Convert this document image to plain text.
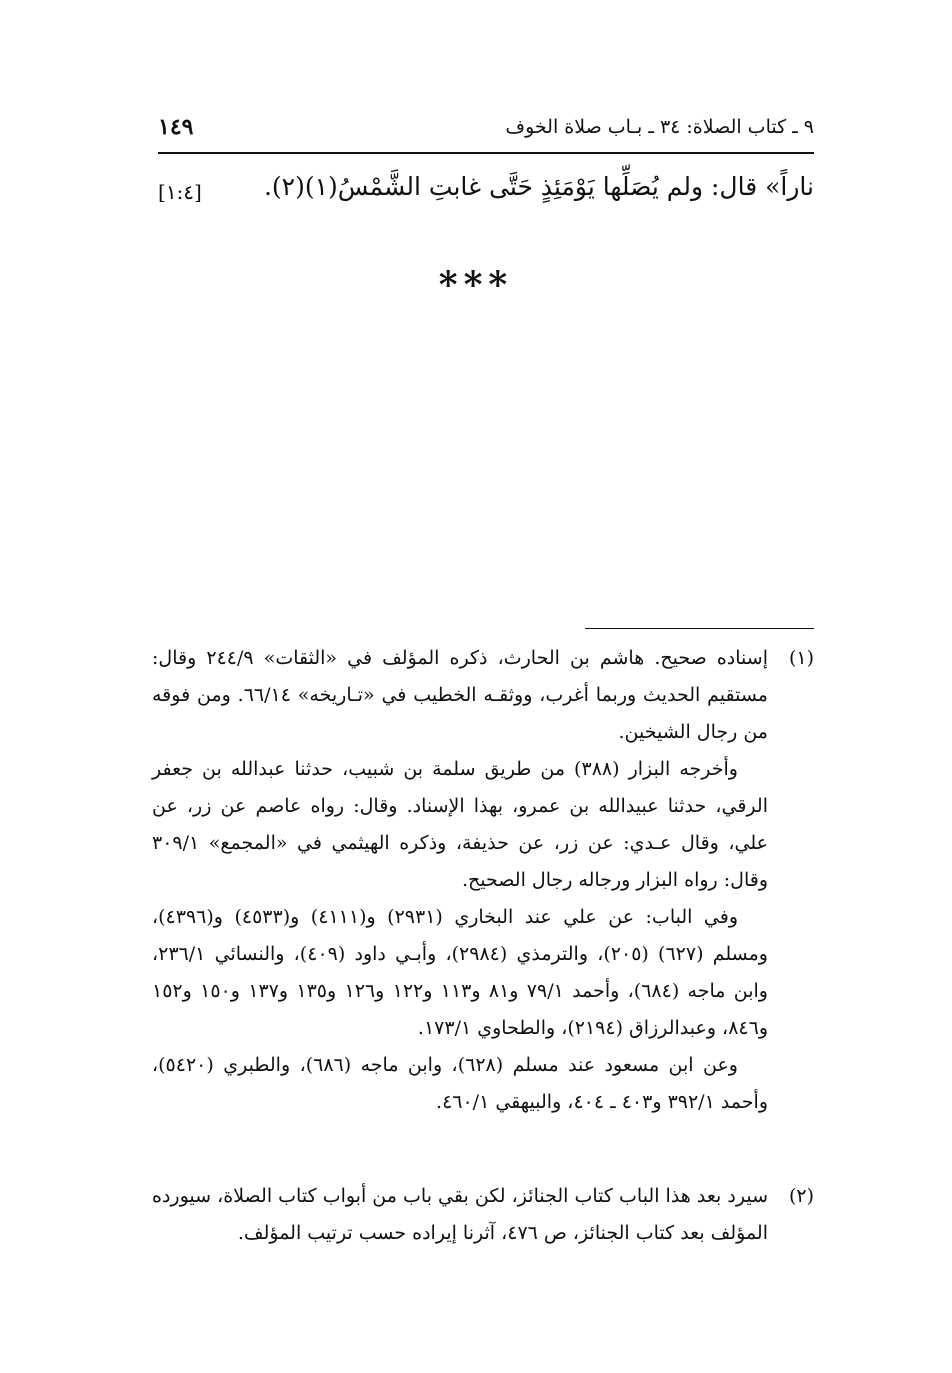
١٤٩	٩ ـ كتاب الصلاة: ٣٤ ـ بـاب صلاة الخوف
ناراً» قال: ولم يُصَلِّها يَوْمَئِذٍ حَتَّى غابتِ الشَّمْسُ(١)(٢).
[١:٤]
***

(١)
إسناده صحيح. هاشم بن الحارث، ذكره المؤلف في «الثقات» ٢٤٤/٩ وقال: مستقيم الحديث وربما أغرب، ووثقـه الخطيب في «تـاريخه» ٦٦/١٤. ومن فوقه من رجال الشيخين.

وأخرجه البزار (٣٨٨) من طريق سلمة بن شبيب، حدثنا عبدالله بن جعفر الرقي، حدثنا عبيدالله بن عمرو، بهذا الإسناد. وقال: رواه عاصم عن زر، عن علي، وقال عـدي: عن زر، عن حذيفة، وذكره الهيثمي في «المجمع» ٣٠٩/١ وقال: رواه البزار ورجاله رجال الصحيح.

وفي الباب: عن علي عند البخاري (٢٩٣١) و(٤١١١) و(٤٥٣٣) و(٤٣٩٦)، ومسلم (٦٢٧) (٢٠٥)، والترمذي (٢٩٨٤)، وأبـي داود (٤٠٩)، والنسائي ٢٣٦/١، وابن ماجه (٦٨٤)، وأحمد ٧٩/١ و٨١ و١١٣ و١٢٢ و١٢٦ و١٣٥ و١٣٧ و١٥٠ و١٥٢ و٨٤٦، وعبدالرزاق (٢١٩٤)، والطحاوي ١٧٣/١.

وعن ابن مسعود عند مسلم (٦٢٨)، وابن ماجه (٦٨٦)، والطبري (٥٤٢٠)، وأحمد ٣٩٢/١ و٤٠٣ ـ ٤٠٤، والبيهقي ٤٦٠/١.

(٢)
سيرد بعد هذا الباب كتاب الجنائز، لكن بقي باب من أبواب كتاب الصلاة، سيورده المؤلف بعد كتاب الجنائز، ص ٤٧٦، آثرنا إيراده حسب ترتيب المؤلف.
